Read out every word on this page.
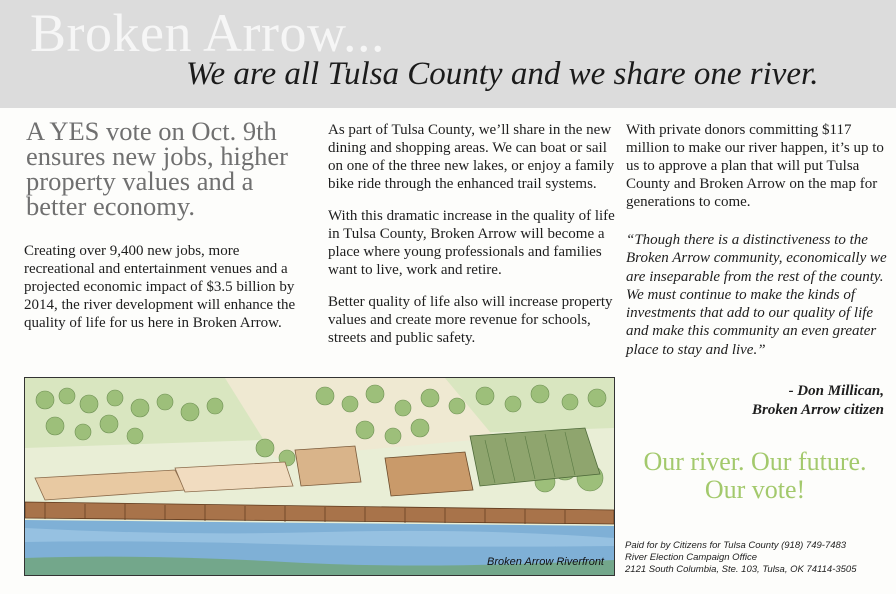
Broken Arrow...
We are all Tulsa County and we share one river.
A YES vote on Oct. 9th ensures new jobs, higher property values and a better economy.

Creating over 9,400 new jobs, more recreational and entertainment venues and a projected economic impact of $3.5 billion by 2014, the river development will enhance the quality of life for us here in Broken Arrow.

As part of Tulsa County, we’ll share in the new dining and shopping areas. We can boat or sail on one of the three new lakes, or enjoy a family bike ride through the enhanced trail systems.

With this dramatic increase in the quality of life in Tulsa County, Broken Arrow will become a place where young professionals and families want to live, work and retire.

Better quality of life also will increase property values and create more revenue for schools, streets and public safety.

With private donors committing $117 million to make our river happen, it’s up to us to approve a plan that will put Tulsa County and Broken Arrow on the map for generations to come.

“Though there is a distinctiveness to the Broken Arrow community, economically we are inseparable from the rest of the county. We must continue to make the kinds of investments that add to our quality of life and make this community an even greater place to stay and live.”
- Don Millican,
Broken Arrow citizen
Our river. Our future.
Our vote!
Broken Arrow Riverfront
Paid for by Citizens for Tulsa County (918) 749-7483
River Election Campaign Office
2121 South Columbia, Ste. 103, Tulsa, OK 74114-3505
